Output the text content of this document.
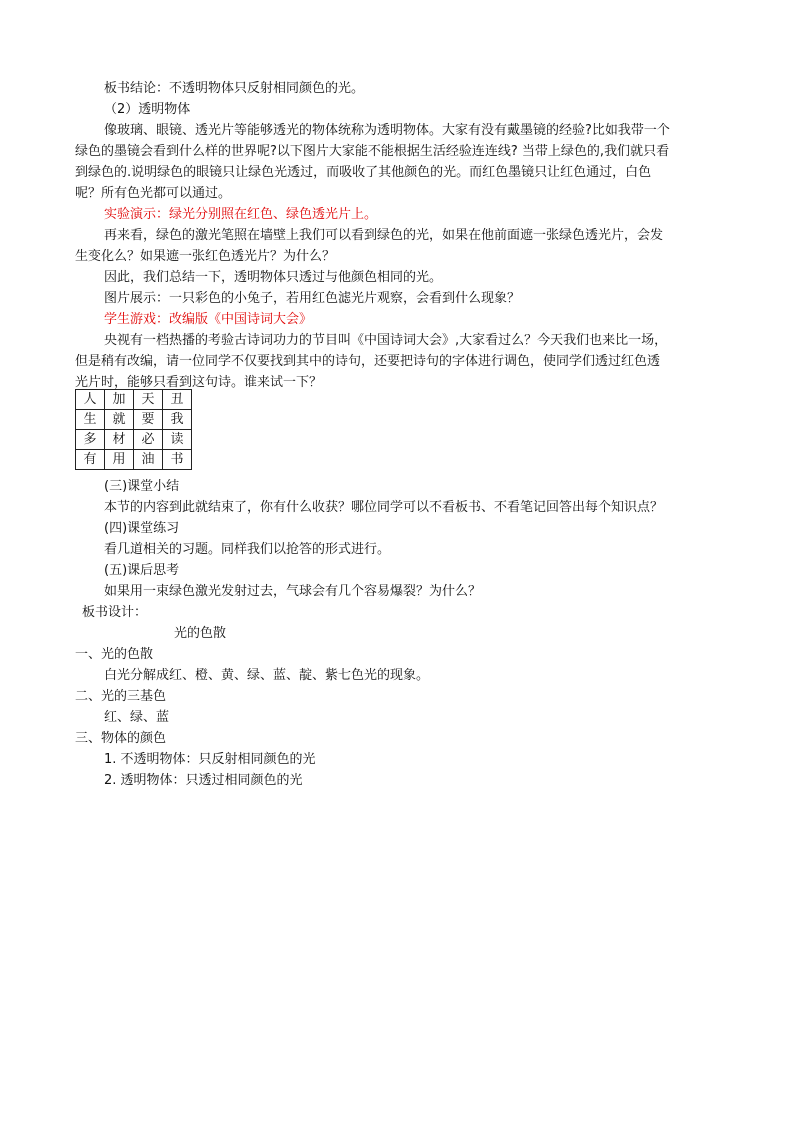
板书结论：不透明物体只反射相同颜色的光。
（2）透明物体
像玻璃、眼镜、透光片等能够透光的物体统称为透明物体。大家有没有戴墨镜的经验?比如我带一个
绿色的墨镜会看到什么样的世界呢?以下图片大家能不能根据生活经验连连线? 当带上绿色的,我们就只看
到绿色的.说明绿色的眼镜只让绿色光透过，而吸收了其他颜色的光。而红色墨镜只让红色通过，白色
呢？所有色光都可以通过。
实验演示：绿光分别照在红色、绿色透光片上。
再来看，绿色的激光笔照在墙壁上我们可以看到绿色的光，如果在他前面遮一张绿色透光片，会发
生变化么？如果遮一张红色透光片？为什么？
因此，我们总结一下，透明物体只透过与他颜色相同的光。
图片展示：一只彩色的小兔子，若用红色滤光片观察，会看到什么现象？
学生游戏：改编版《中国诗词大会》
央视有一档热播的考验古诗词功力的节目叫《中国诗词大会》,大家看过么？今天我们也来比一场，
但是稍有改编，请一位同学不仅要找到其中的诗句，还要把诗句的字体进行调色，使同学们透过红色透
光片时，能够只看到这句诗。谁来试一下？
人	加	天	丑
生	就	要	我
多	材	必	读
有	用	油	书
(三)课堂小结
本节的内容到此就结束了，你有什么收获？哪位同学可以不看板书、不看笔记回答出每个知识点？
(四)课堂练习
看几道相关的习题。同样我们以抢答的形式进行。
(五)课后思考
如果用一束绿色激光发射过去，气球会有几个容易爆裂？为什么？
板书设计：
光的色散
一、光的色散
白光分解成红、橙、黄、绿、蓝、靛、紫七色光的现象。
二、光的三基色
红、绿、蓝
三、物体的颜色
1. 不透明物体：只反射相同颜色的光
2. 透明物体：只透过相同颜色的光
